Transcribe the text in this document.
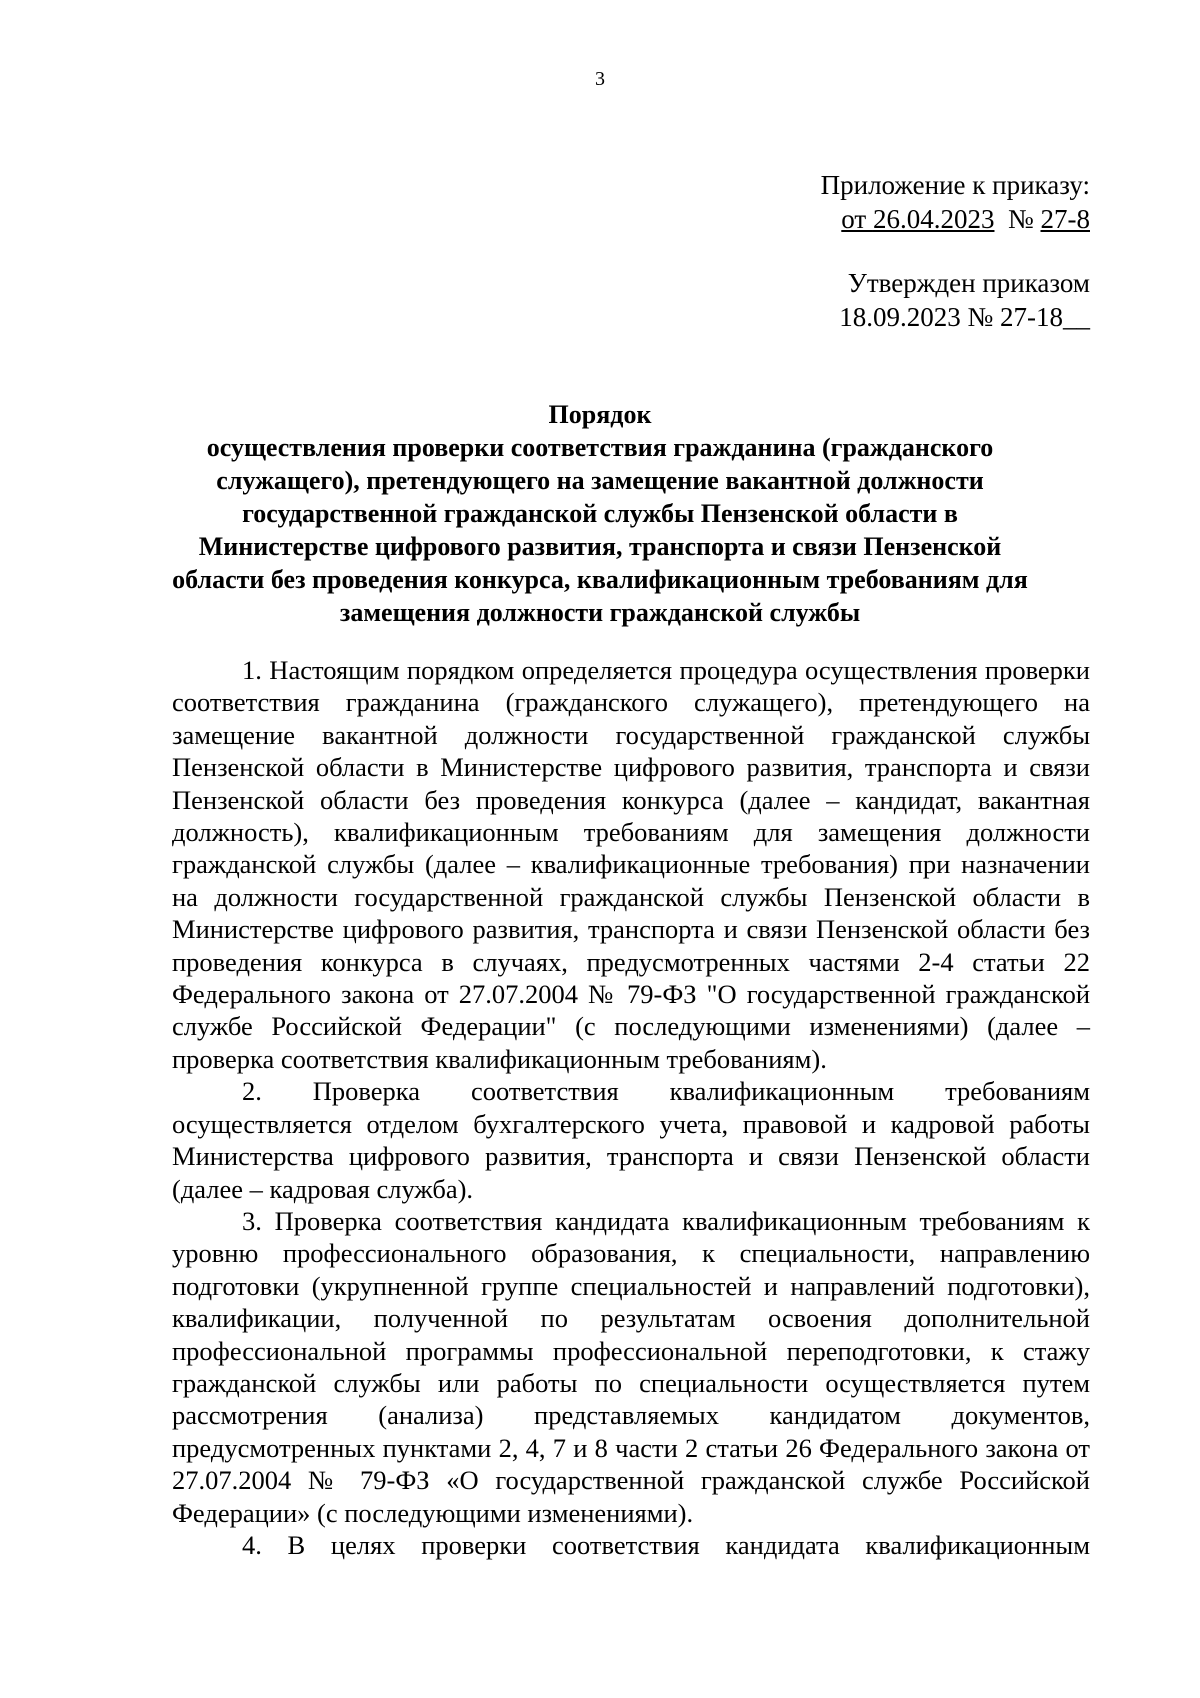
3
Приложение к приказу:
от 26.04.2023 № 27-8
Утвержден приказом
18.09.2023 № 27-18__
Порядок
осуществления проверки соответствия гражданина (гражданского
служащего), претендующего на замещение вакантной должности
государственной гражданской службы Пензенской области в
Министерстве цифрового развития, транспорта и связи Пензенской
области без проведения конкурса, квалификационным требованиям для
замещения должности гражданской службы

1. Настоящим порядком определяется процедура осуществления проверки соответствия гражданина (гражданского служащего), претендующего на замещение вакантной должности государственной гражданской службы Пензенской области в Министерстве цифрового развития, транспорта и связи Пензенской области без проведения конкурса (далее – кандидат, вакантная должность), квалификационным требованиям для замещения должности гражданской службы (далее – квалификационные требования) при назначении на должности государственной гражданской службы Пензенской области в Министерстве цифрового развития, транспорта и связи Пензенской области без проведения конкурса в случаях, предусмотренных частями 2-4 статьи 22 Федерального закона от 27.07.2004 № 79-ФЗ "О государственной гражданской службе Российской Федерации" (с последующими изменениями) (далее – проверка соответствия квалификационным требованиям).

2. Проверка соответствия квалификационным требованиям осуществляется отделом бухгалтерского учета, правовой и кадровой работы Министерства цифрового развития, транспорта и связи Пензенской области (далее – кадровая служба).

3. Проверка соответствия кандидата квалификационным требованиям к уровню профессионального образования, к специальности, направлению подготовки (укрупненной группе специальностей и направлений подготовки), квалификации, полученной по результатам освоения дополнительной профессиональной программы профессиональной переподготовки, к стажу гражданской службы или работы по специальности осуществляется путем рассмотрения (анализа) представляемых кандидатом документов, предусмотренных пунктами 2, 4, 7 и 8 части 2 статьи 26 Федерального закона от 27.07.2004 № 79-ФЗ «О государственной гражданской службе Российской Федерации» (с последующими изменениями).

4. В целях проверки соответствия кандидата квалификационным
